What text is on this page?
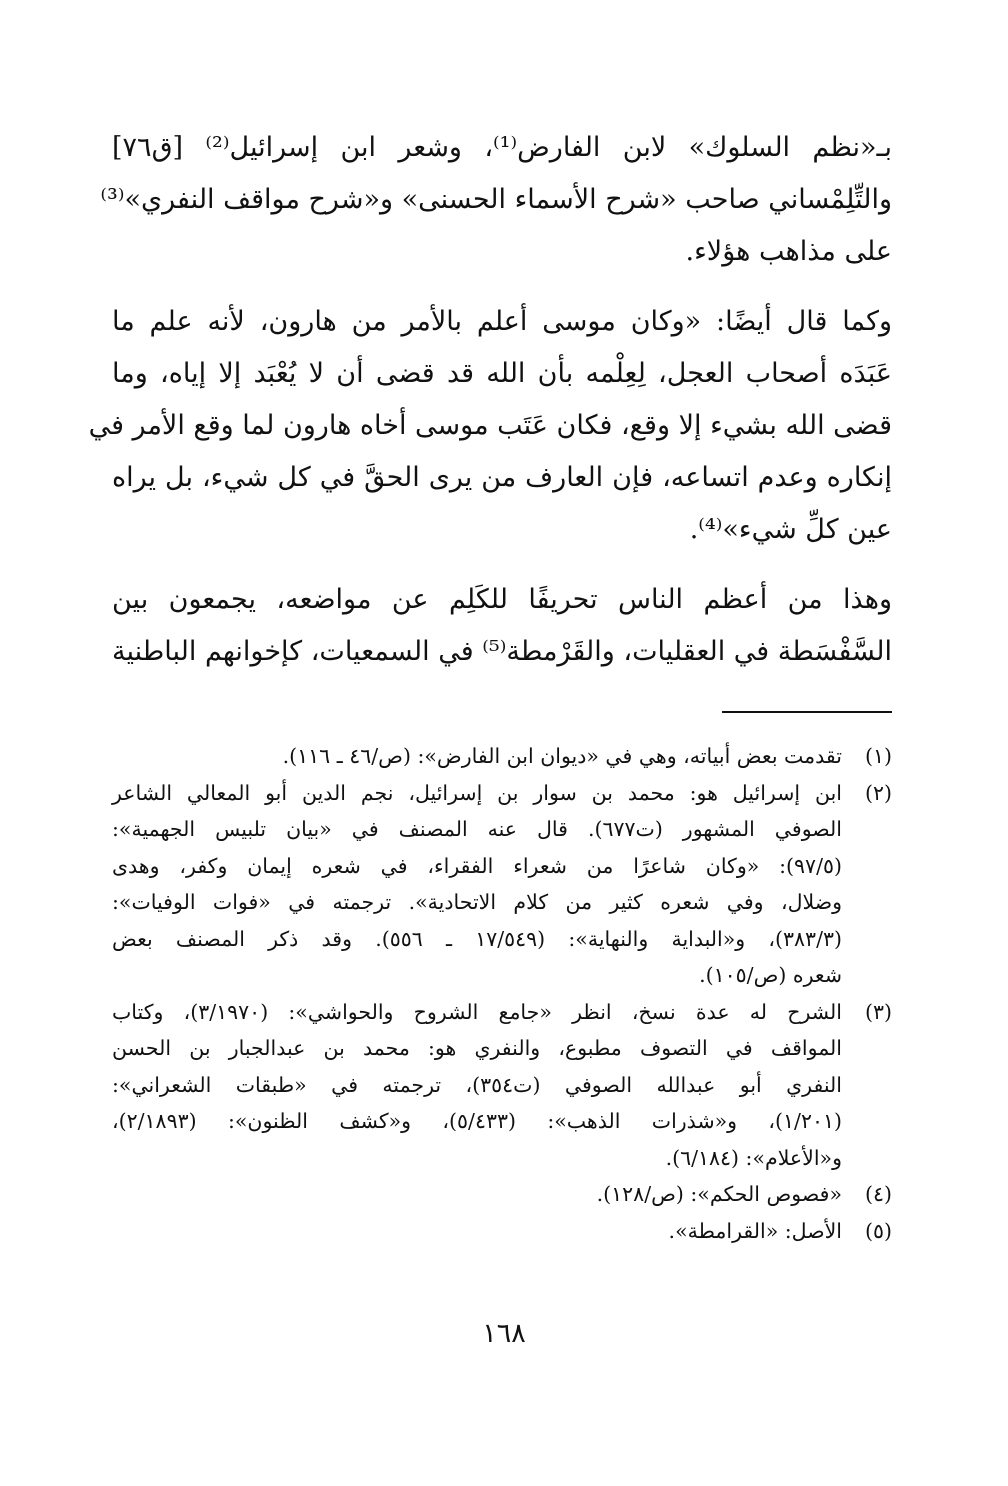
بـ«نظم السلوك» لابن الفارض⁽¹⁾، وشعر ابن إسرائيل⁽²⁾ [ق٧٦]
والتِّلِمْساني صاحب «شرح الأسماء الحسنى» و«شرح مواقف النفري»⁽³⁾
على مذاهب هؤلاء.

وكما قال أيضًا: «وكان موسى أعلم بالأمر من هارون، لأنه علم ما
عَبَدَه أصحاب العجل، لِعِلْمه بأن الله قد قضى أن لا يُعْبَد إلا إياه، وما
قضى الله بشيء إلا وقع، فكان عَتَب موسى أخاه هارون لما وقع الأمر في
إنكاره وعدم اتساعه، فإن العارف من يرى الحقَّ في كل شيء، بل يراه
عين كلِّ شيء»⁽⁴⁾.

وهذا من أعظم الناس تحريفًا للكَلِم عن مواضعه، يجمعون بين
السَّفْسَطة في العقليات، والقَرْمطة⁽⁵⁾ في السمعيات، كإخوانهم الباطنية

(١)
تقدمت بعض أبياته، وهي في «ديوان ابن الفارض»: (ص/٤٦ ـ ١١٦).
(٢)
ابن إسرائيل هو: محمد بن سوار بن إسرائيل، نجم الدين أبو المعالي الشاعر
الصوفي المشهور (ت٦٧٧). قال عنه المصنف في «بيان تلبيس الجهمية»:
(٩٧/٥): «وكان شاعرًا من شعراء الفقراء، في شعره إيمان وكفر، وهدى
وضلال، وفي شعره كثير من كلام الاتحادية». ترجمته في «فوات الوفيات»:
(٣٨٣/٣)، و«البداية والنهاية»: (١٧/٥٤٩ ـ ٥٥٦). وقد ذكر المصنف بعض
شعره (ص/١٠٥).
(٣)
الشرح له عدة نسخ، انظر «جامع الشروح والحواشي»: (٣/١٩٧٠)، وكتاب
المواقف في التصوف مطبوع، والنفري هو: محمد بن عبدالجبار بن الحسن
النفري أبو عبدالله الصوفي (ت٣٥٤)، ترجمته في «طبقات الشعراني»:
(١/٢٠١)، و«شذرات الذهب»: (٥/٤٣٣)، و«كشف الظنون»: (٢/١٨٩٣)،
و«الأعلام»: (٦/١٨٤).
(٤)
«فصوص الحكم»: (ص/١٢٨).
(٥)
الأصل: «القرامطة».
١٦٨
